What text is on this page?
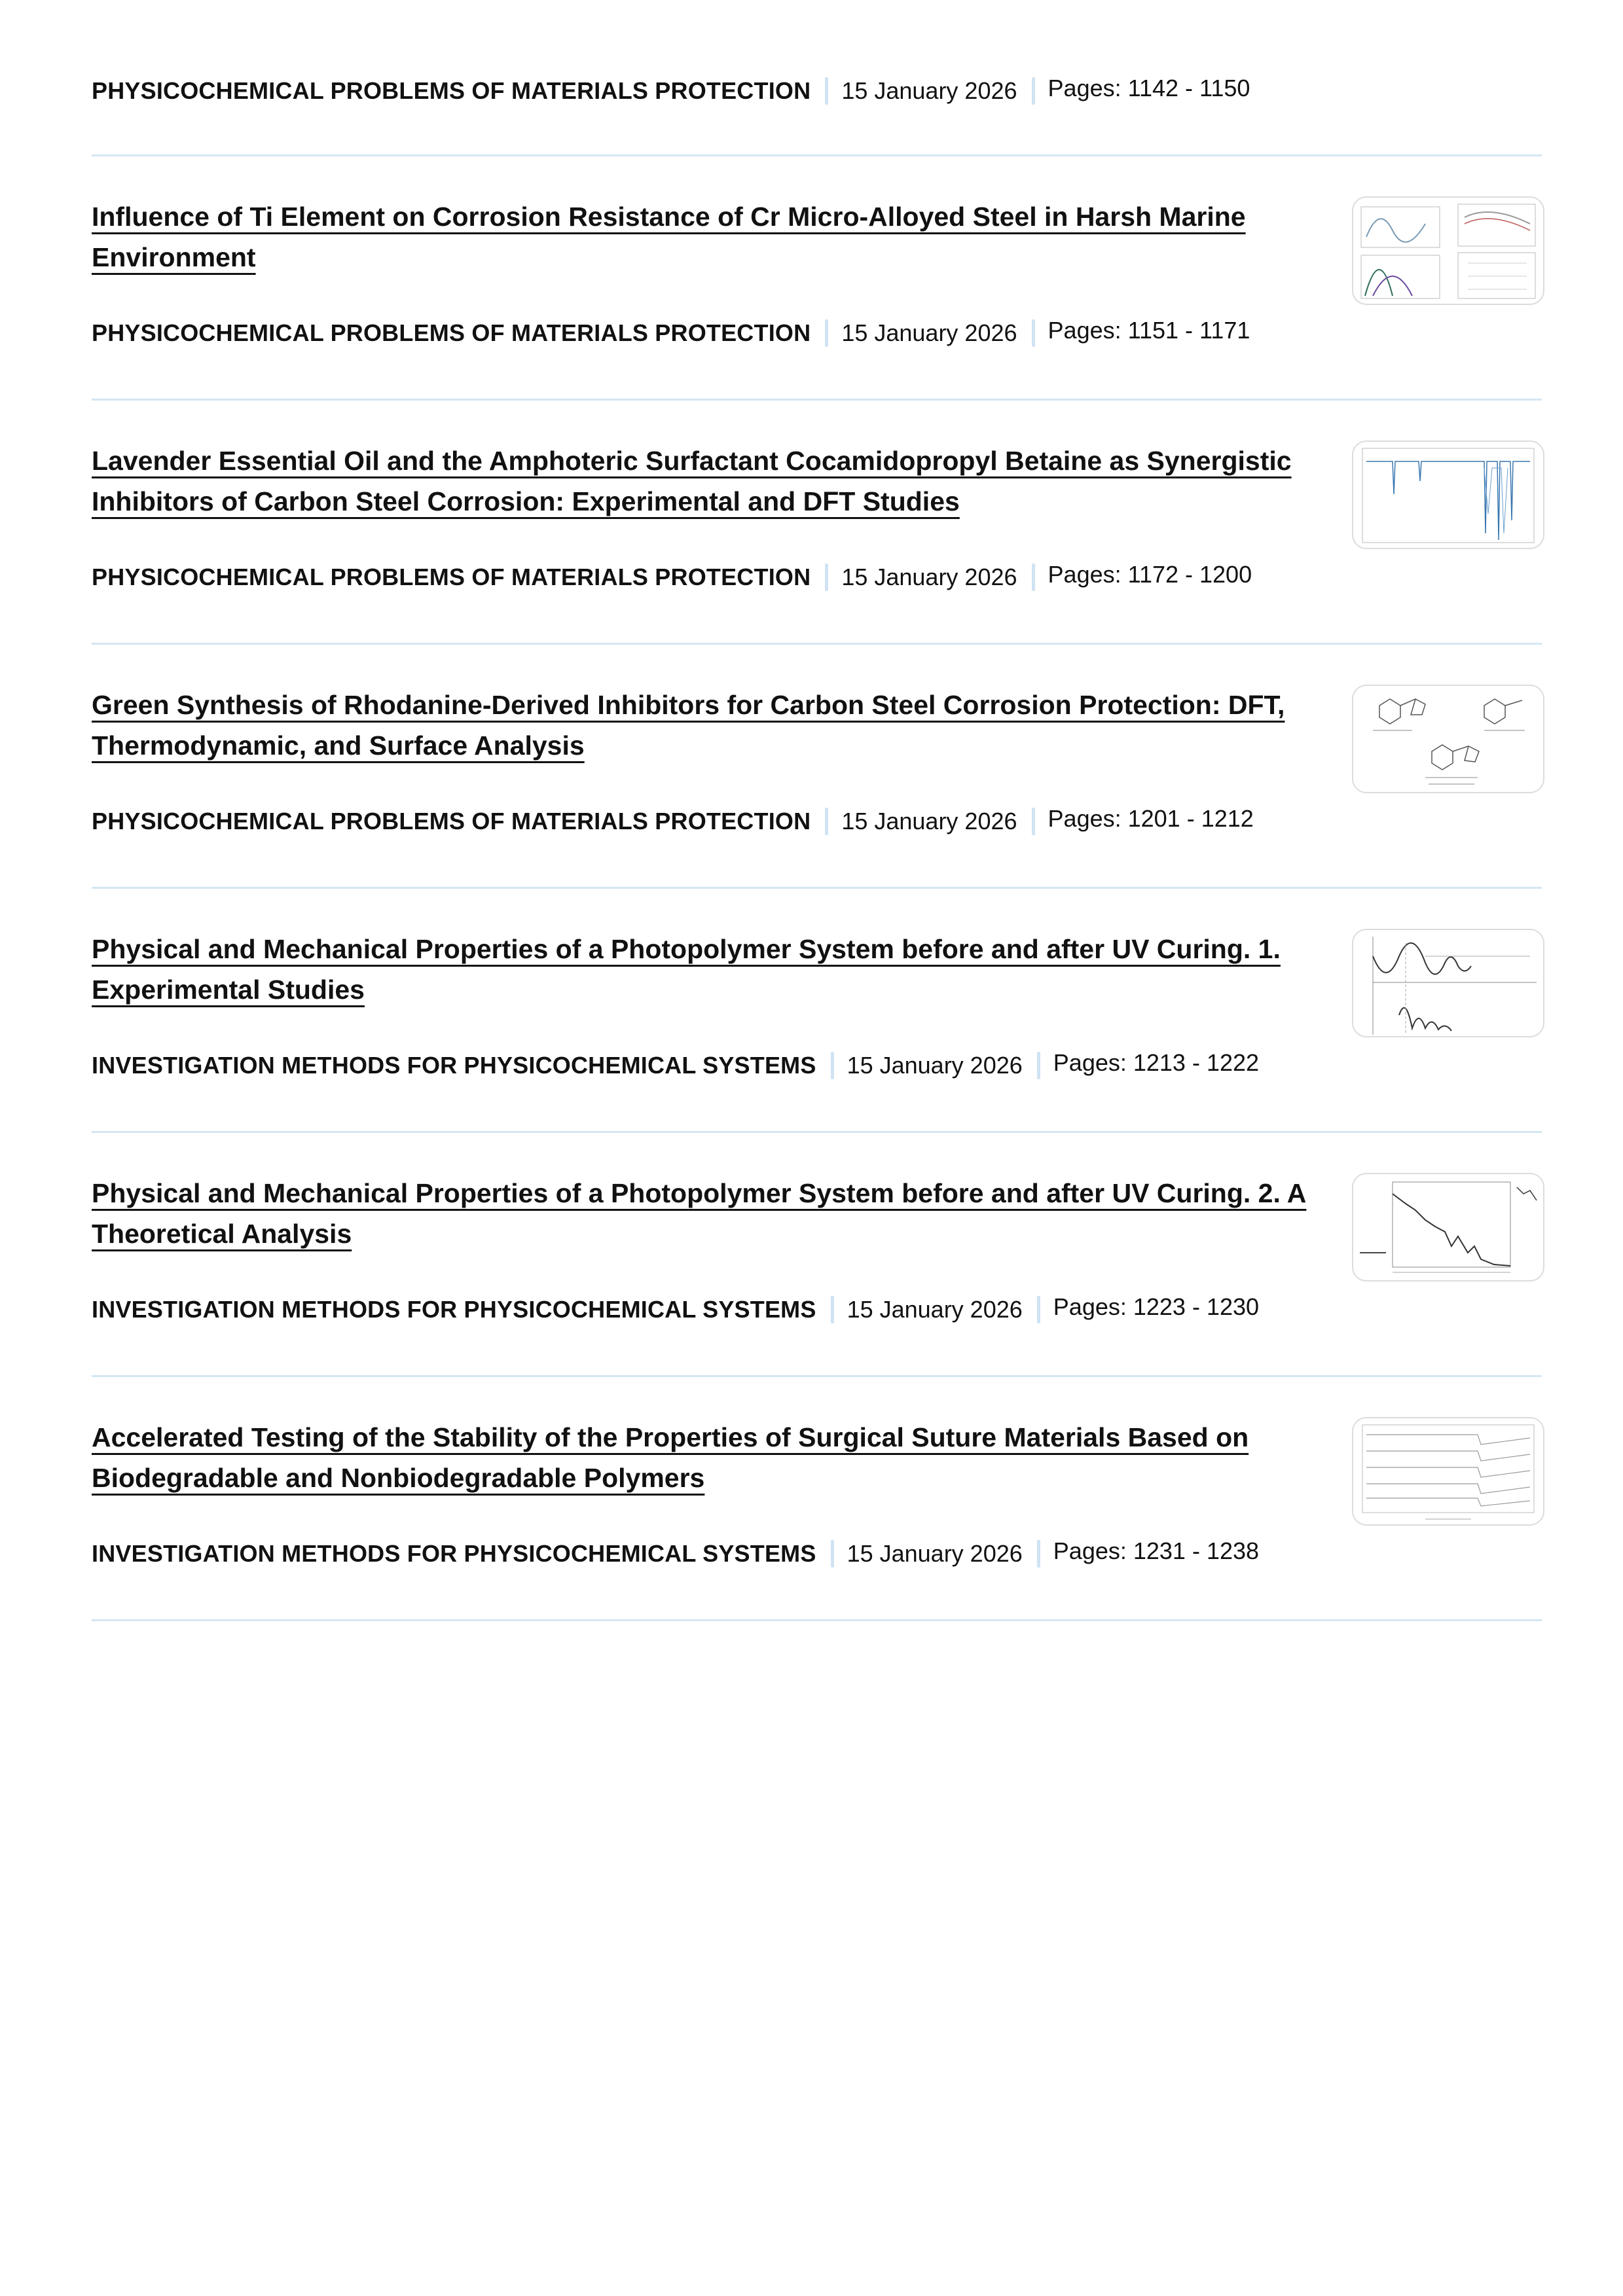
PHYSICOCHEMICAL PROBLEMS OF MATERIALS PROTECTION 15 January 2026 Pages: 1142 - 1150
Influence of Ti Element on Corrosion Resistance of Cr Micro-Alloyed Steel in Harsh Marine Environment
PHYSICOCHEMICAL PROBLEMS OF MATERIALS PROTECTION 15 January 2026 Pages: 1151 - 1171
Lavender Essential Oil and the Amphoteric Surfactant Cocamidopropyl Betaine as Synergistic Inhibitors of Carbon Steel Corrosion: Experimental and DFT Studies
PHYSICOCHEMICAL PROBLEMS OF MATERIALS PROTECTION 15 January 2026 Pages: 1172 - 1200
Green Synthesis of Rhodanine-Derived Inhibitors for Carbon Steel Corrosion Protection: DFT, Thermodynamic, and Surface Analysis
PHYSICOCHEMICAL PROBLEMS OF MATERIALS PROTECTION 15 January 2026 Pages: 1201 - 1212
Physical and Mechanical Properties of a Photopolymer System before and after UV Curing. 1. Experimental Studies
INVESTIGATION METHODS FOR PHYSICOCHEMICAL SYSTEMS 15 January 2026 Pages: 1213 - 1222
Physical and Mechanical Properties of a Photopolymer System before and after UV Curing. 2. A Theoretical Analysis
INVESTIGATION METHODS FOR PHYSICOCHEMICAL SYSTEMS 15 January 2026 Pages: 1223 - 1230
Accelerated Testing of the Stability of the Properties of Surgical Suture Materials Based on Biodegradable and Nonbiodegradable Polymers
INVESTIGATION METHODS FOR PHYSICOCHEMICAL SYSTEMS 15 January 2026 Pages: 1231 - 1238
